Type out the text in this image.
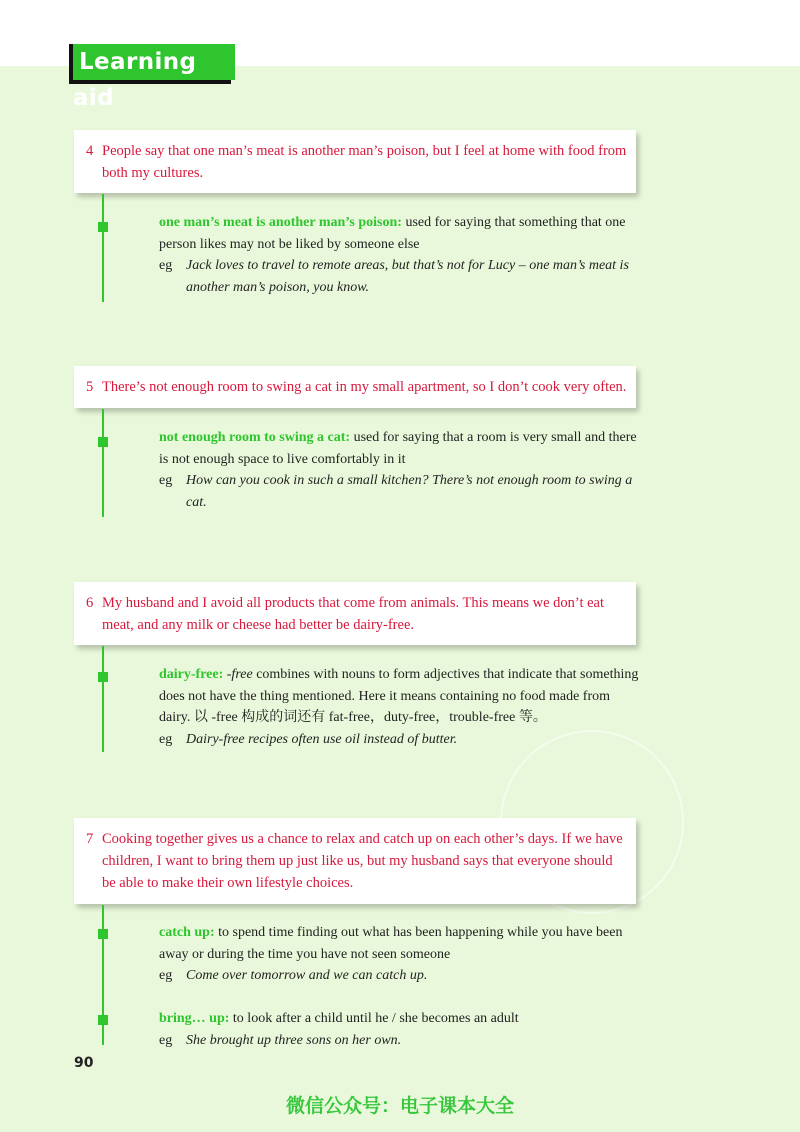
Learning aid
4 People say that one man’s meat is another man’s poison, but I feel at home with food from both my cultures.
one man’s meat is another man’s poison: used for saying that something that one person likes may not be liked by someone else
eg Jack loves to travel to remote areas, but that’s not for Lucy – one man’s meat is another man’s poison, you know.
5 There’s not enough room to swing a cat in my small apartment, so I don’t cook very often.
not enough room to swing a cat: used for saying that a room is very small and there is not enough space to live comfortably in it
eg How can you cook in such a small kitchen? There’s not enough room to swing a cat.
6 My husband and I avoid all products that come from animals. This means we don’t eat meat, and any milk or cheese had better be dairy-free.
dairy-free: -free combines with nouns to form adjectives that indicate that something does not have the thing mentioned. Here it means containing no food made from dairy. 以 -free 构成的词还有 fat-free，duty-free，trouble-free 等。
eg Dairy-free recipes often use oil instead of butter.
7 Cooking together gives us a chance to relax and catch up on each other’s days. If we have children, I want to bring them up just like us, but my husband says that everyone should be able to make their own lifestyle choices.
catch up: to spend time finding out what has been happening while you have been away or during the time you have not seen someone
eg Come over tomorrow and we can catch up.
bring… up: to look after a child until he / she becomes an adult
eg She brought up three sons on her own.
90
微信公众号：电子课本大全
